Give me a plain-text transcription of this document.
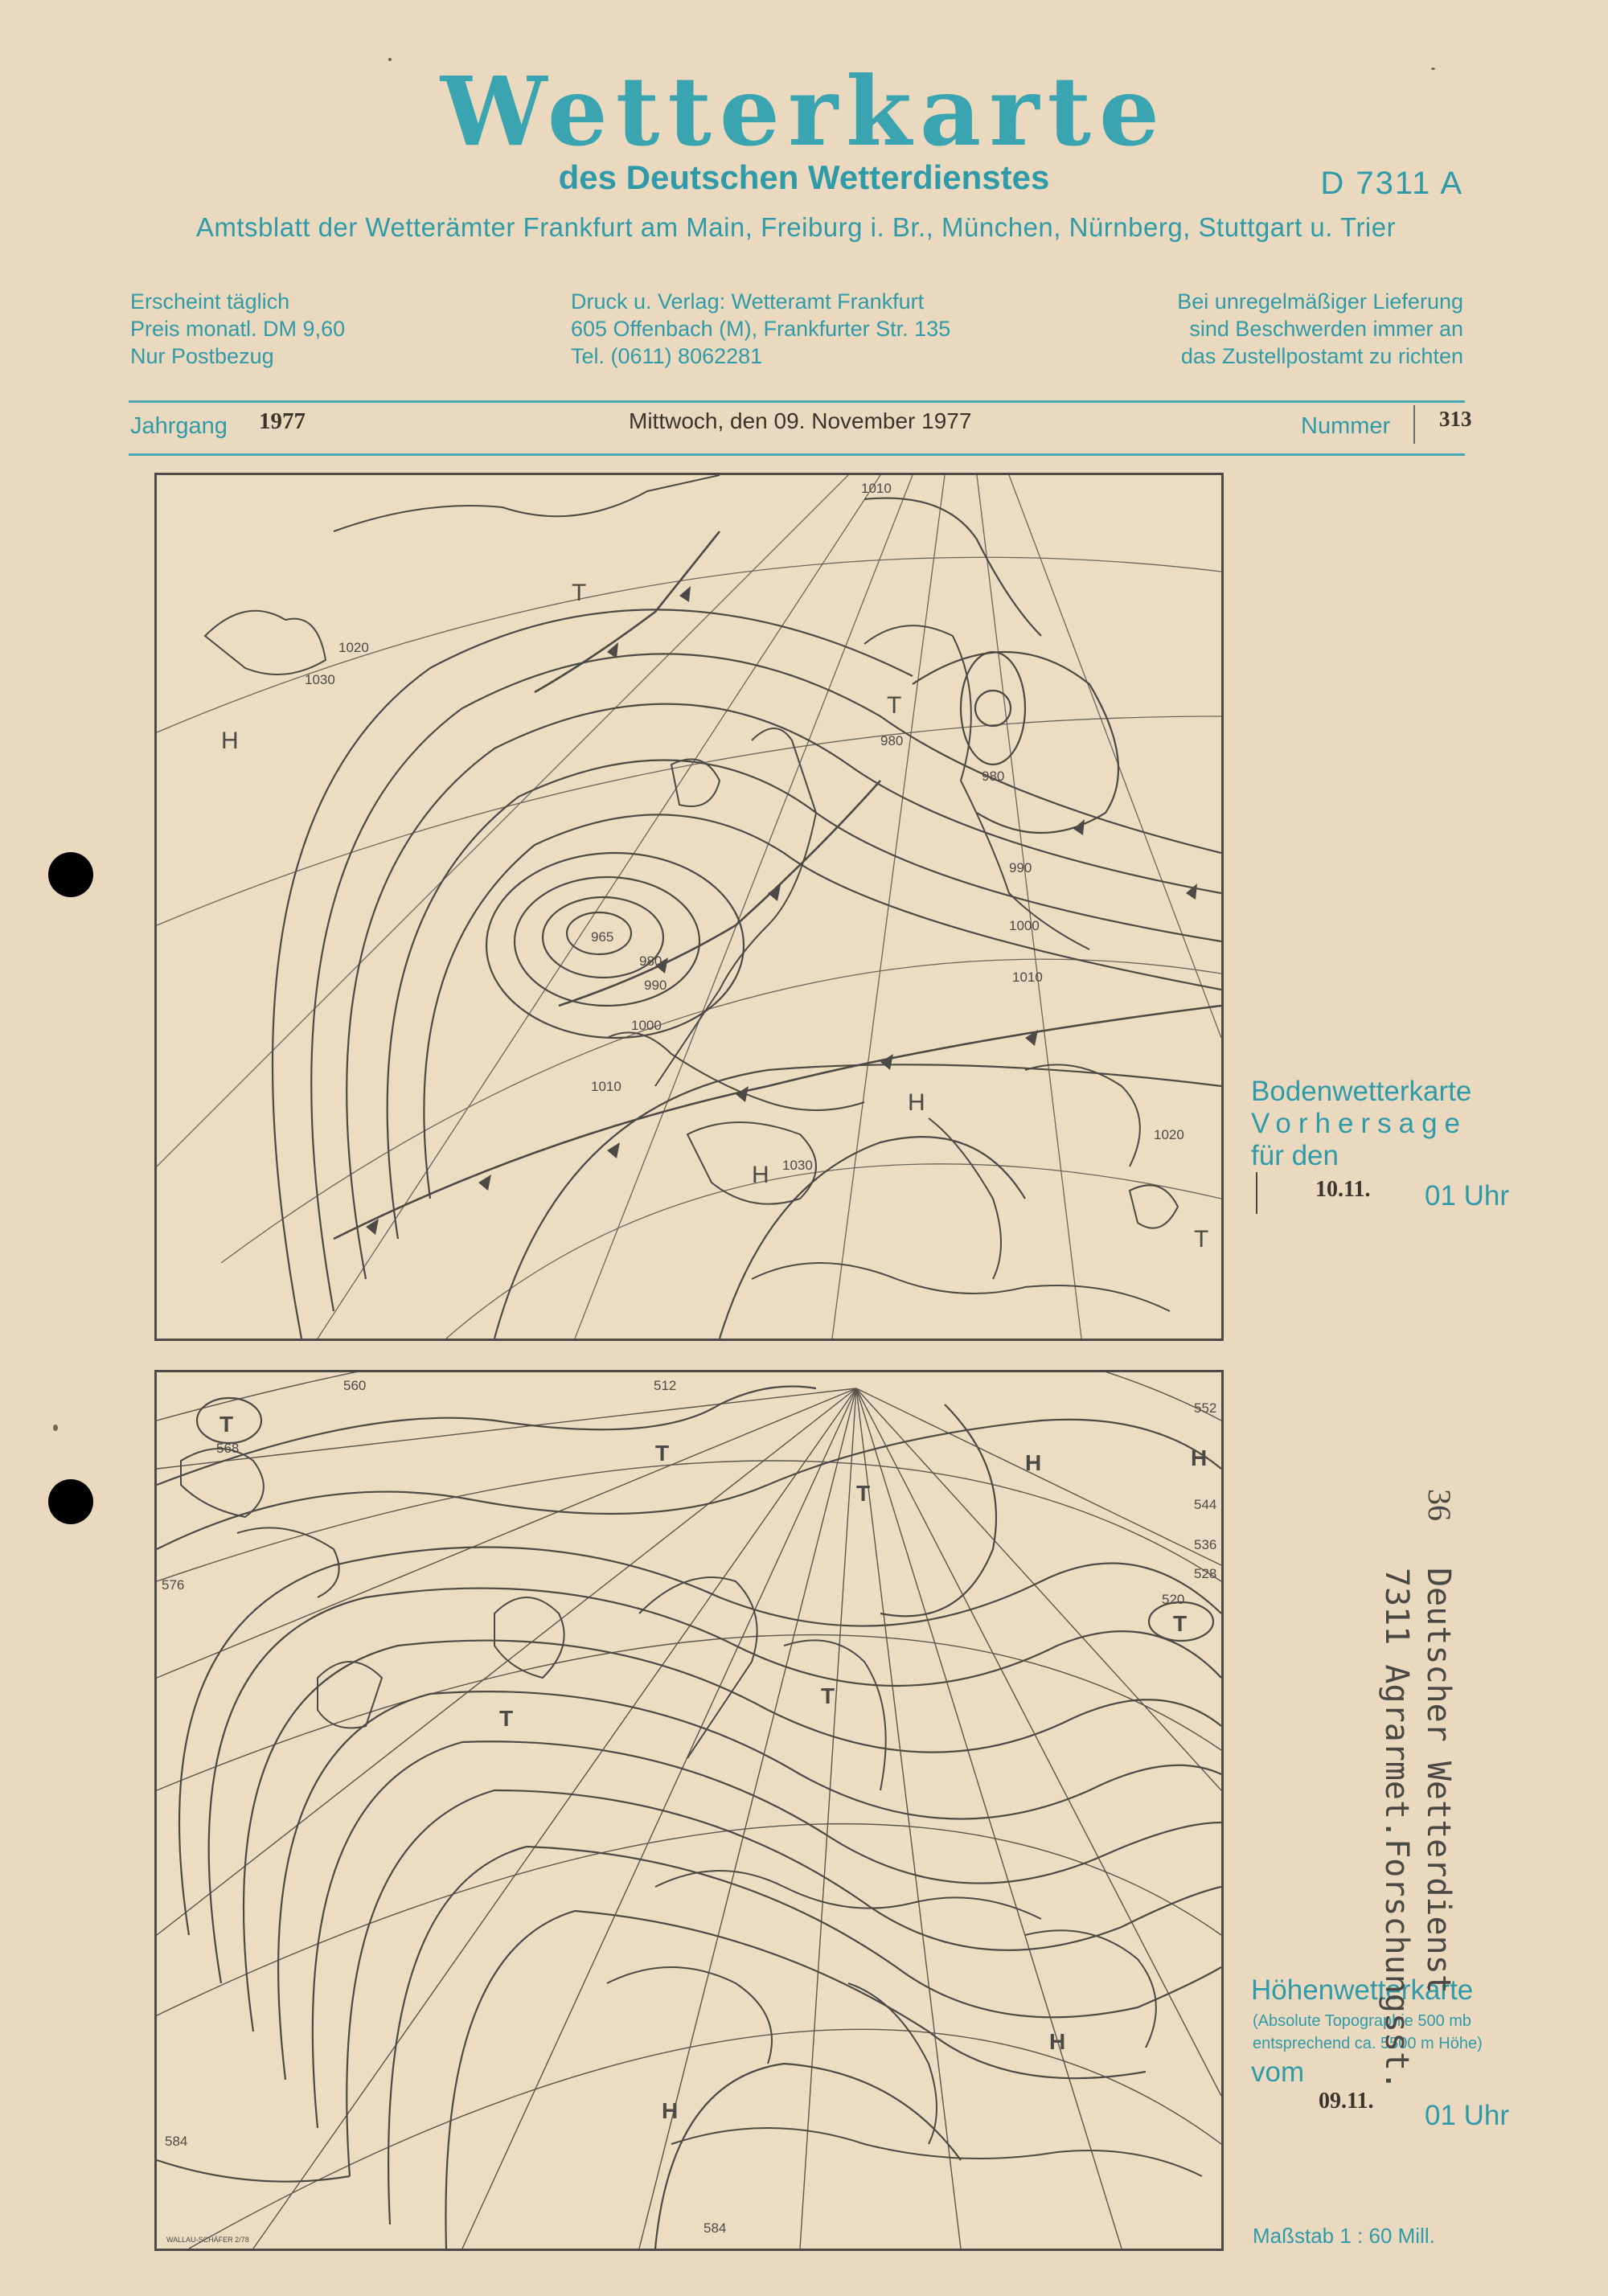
Wetterkarte
des Deutschen Wetterdienstes	D 7311 A
Amtsblatt der Wetterämter Frankfurt am Main, Freiburg i. Br., München, Nürnberg, Stuttgart u. Trier
Erscheint täglich
Preis monatl. DM 9,60
Nur Postbezug
Druck u. Verlag: Wetteramt Frankfurt
605 Offenbach (M), Frankfurter Str. 135
Tel. (0611) 8062281
Bei unregelmäßiger Lieferung
sind Beschwerden immer an
das Zustellpostamt zu richten
Jahrgang 1977	Mittwoch, den 09. November 1977	Nummer 313
965
980
990
1000
1010
1020
1030
990
1000
1010
1010
1020
1030
980
980
H
H
H
T
T
T
Bodenwetterkarte
Vorhersage
für den
10.11. 01 Uhr
568
560
552
544
536
528
520
512
576
584
584
T
T
T
T
T
T
H	H
H
H
WALLAU-SCHÄFER 2/78
Höhenwetterkarte
(Absolute Topographie 500 mb
entsprechend ca. 5500 m Höhe)
vom
09.11. 01 Uhr
Maßstab 1 : 60 Mill.
Deutscher Wetterdienst
7311 Agrarmet.Forschungsst.
36
